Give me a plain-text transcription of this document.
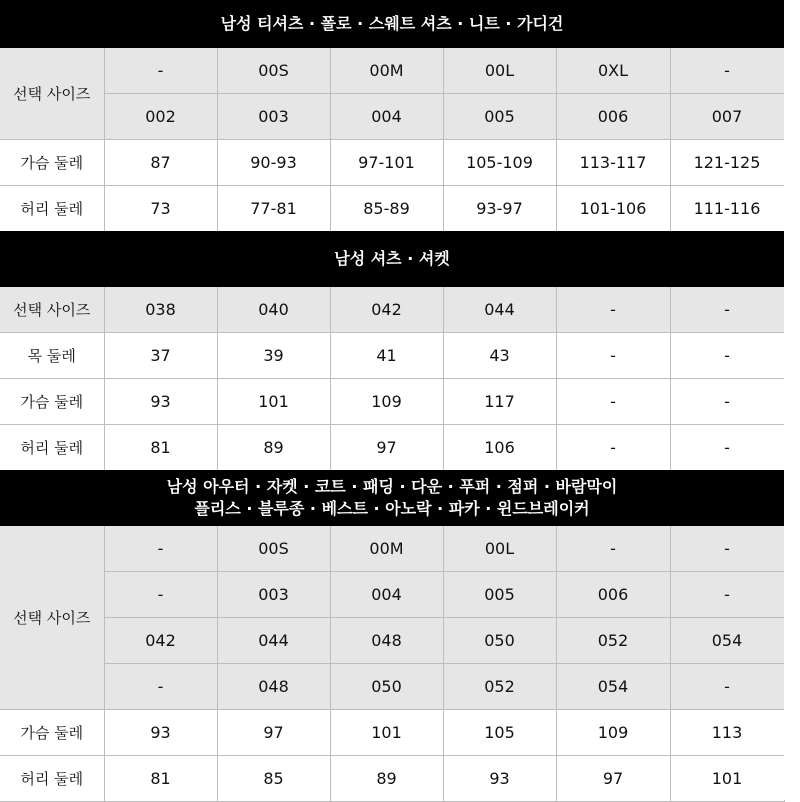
남성 티셔츠 · 폴로 · 스웨트 셔츠 · 니트 · 가디건
선택 사이즈	-	00S	00M	00L	0XL	-
	002	003	004	005	006	007
가슴 둘레	87	90-93	97-101	105-109	113-117	121-125
허리 둘레	73	77-81	85-89	93-97	101-106	111-116
남성 셔츠 · 셔켓
선택 사이즈	038	040	042	044	-	-
목 둘레	37	39	41	43	-	-
가슴 둘레	93	101	109	117	-	-
허리 둘레	81	89	97	106	-	-
남성 아우터 · 자켓 · 코트 · 패딩 · 다운 · 푸퍼 · 점퍼 · 바람막이
플리스 · 블루종 · 베스트 · 아노락 · 파카 · 윈드브레이커
선택 사이즈	-	00S	00M	00L	-	-
	-	003	004	005	006	-
	042	044	048	050	052	054
	-	048	050	052	054	-
가슴 둘레	93	97	101	105	109	113
허리 둘레	81	85	89	93	97	101
